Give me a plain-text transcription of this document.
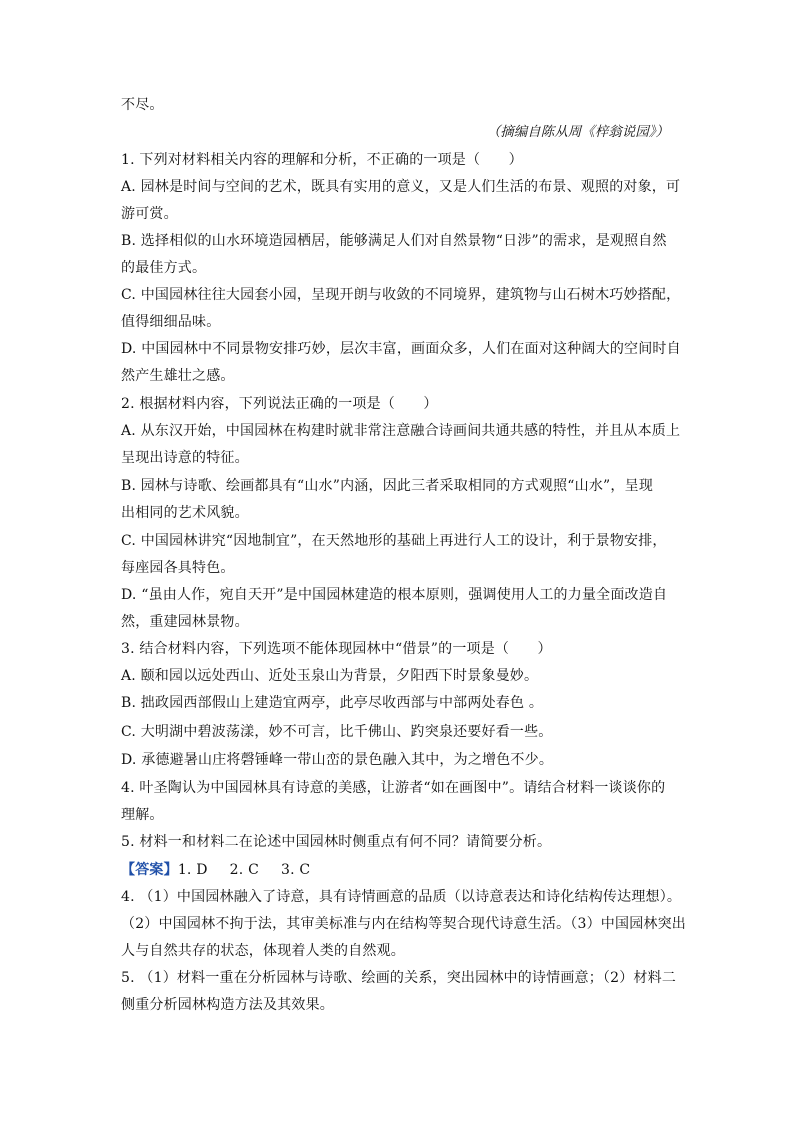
不尽。
（摘编自陈从周《梓翁说园》）
1. 下列对材料相关内容的理解和分析，不正确的一项是（　　）
A. 园林是时间与空间的艺术，既具有实用的意义，又是人们生活的布景、观照的对象，可
游可赏。
B. 选择相似的山水环境造园栖居，能够满足人们对自然景物“日涉”的需求，是观照自然
的最佳方式。
C. 中国园林往往大园套小园，呈现开朗与收敛的不同境界，建筑物与山石树木巧妙搭配，
值得细细品味。
D. 中国园林中不同景物安排巧妙，层次丰富，画面众多，人们在面对这种阔大的空间时自
然产生雄壮之感。
2. 根据材料内容，下列说法正确的一项是（　　）
A. 从东汉开始，中国园林在构建时就非常注意融合诗画间共通共感的特性，并且从本质上
呈现出诗意的特征。
B. 园林与诗歌、绘画都具有“山水”内涵，因此三者采取相同的方式观照“山水”，呈现
出相同的艺术风貌。
C. 中国园林讲究“因地制宜”，在天然地形的基础上再进行人工的设计，利于景物安排，
每座园各具特色。
D. “虽由人作，宛自天开”是中国园林建造的根本原则，强调使用人工的力量全面改造自
然，重建园林景物。
3. 结合材料内容，下列选项不能体现园林中“借景”的一项是（　　）
A. 颐和园以远处西山、近处玉泉山为背景，夕阳西下时景象曼妙。
B. 拙政园西部假山上建造宜两亭，此亭尽收西部与中部两处春色 。
C. 大明湖中碧波荡漾，妙不可言，比千佛山、趵突泉还要好看一些。
D. 承德避暑山庄将磬锤峰一带山峦的景色融入其中，为之增色不少。
4. 叶圣陶认为中国园林具有诗意的美感，让游者“如在画图中”。请结合材料一谈谈你的
理解。
5. 材料一和材料二在论述中国园林时侧重点有何不同？请简要分析。
【答案】1. D 2. C 3. C
4. （1）中国园林融入了诗意，具有诗情画意的品质（以诗意表达和诗化结构传达理想）。
（2）中国园林不拘于法，其审美标准与内在结构等契合现代诗意生活。（3）中国园林突出
人与自然共存的状态，体现着人类的自然观。
5. （1）材料一重在分析园林与诗歌、绘画的关系，突出园林中的诗情画意；（2）材料二
侧重分析园林构造方法及其效果。
